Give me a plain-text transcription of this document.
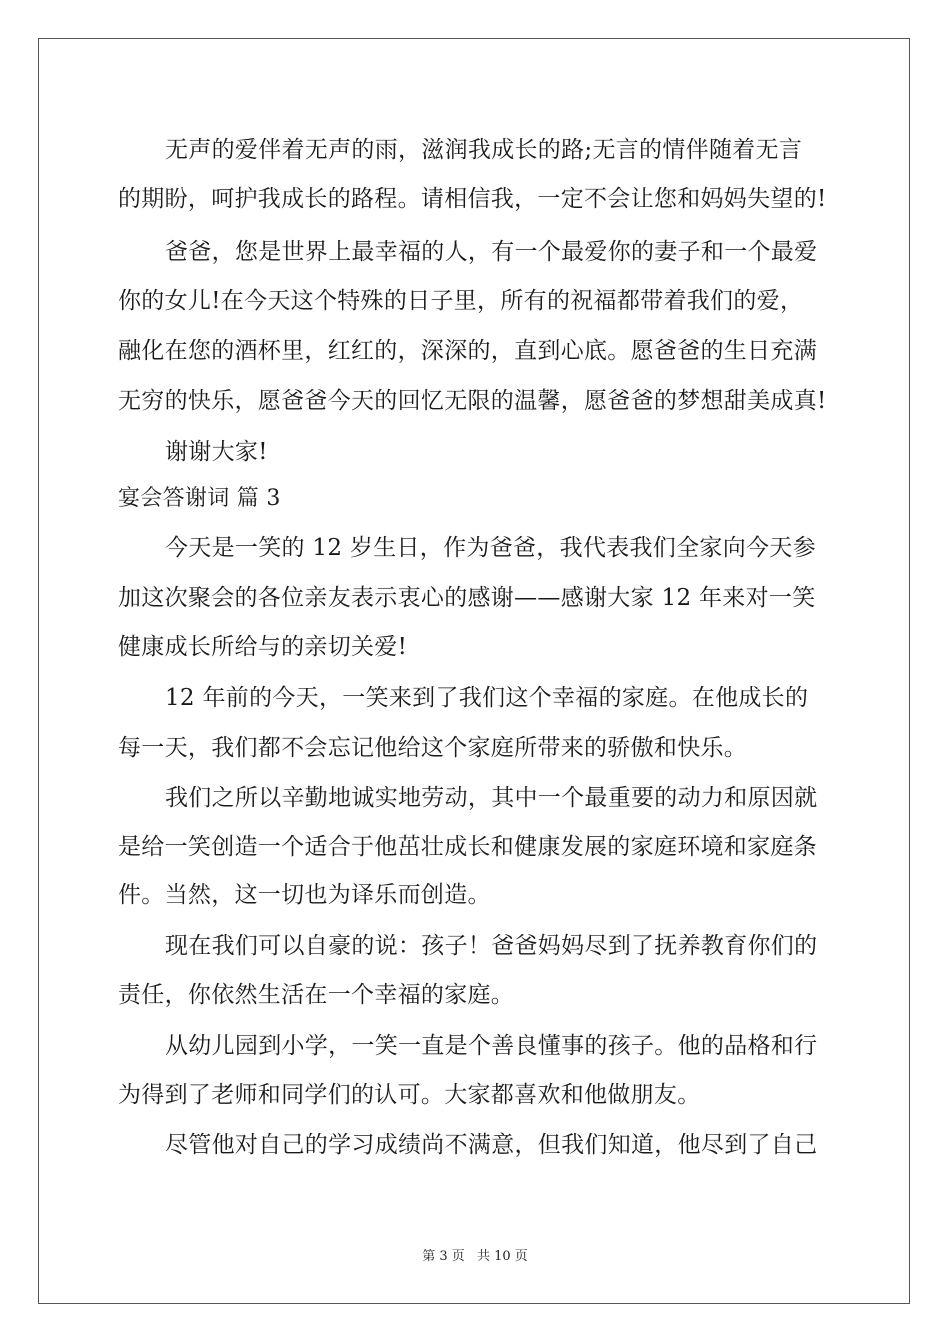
无声的爱伴着无声的雨，滋润我成长的路;无言的情伴随着无言
的期盼，呵护我成长的路程。请相信我，一定不会让您和妈妈失望的!
爸爸，您是世界上最幸福的人，有一个最爱你的妻子和一个最爱
你的女儿!在今天这个特殊的日子里，所有的祝福都带着我们的爱，
融化在您的酒杯里，红红的，深深的，直到心底。愿爸爸的生日充满
无穷的快乐，愿爸爸今天的回忆无限的温馨，愿爸爸的梦想甜美成真!
谢谢大家!
宴会答谢词 篇 3
今天是一笑的 12 岁生日，作为爸爸，我代表我们全家向今天参
加这次聚会的各位亲友表示衷心的感谢——感谢大家 12 年来对一笑
健康成长所给与的亲切关爱!
12 年前的今天，一笑来到了我们这个幸福的家庭。在他成长的
每一天，我们都不会忘记他给这个家庭所带来的骄傲和快乐。
我们之所以辛勤地诚实地劳动，其中一个最重要的动力和原因就
是给一笑创造一个适合于他茁壮成长和健康发展的家庭环境和家庭条
件。当然，这一切也为译乐而创造。
现在我们可以自豪的说：孩子！爸爸妈妈尽到了抚养教育你们的
责任，你依然生活在一个幸福的家庭。
从幼儿园到小学，一笑一直是个善良懂事的孩子。他的品格和行
为得到了老师和同学们的认可。大家都喜欢和他做朋友。
尽管他对自己的学习成绩尚不满意，但我们知道，他尽到了自己
第 3 页 共 10 页
